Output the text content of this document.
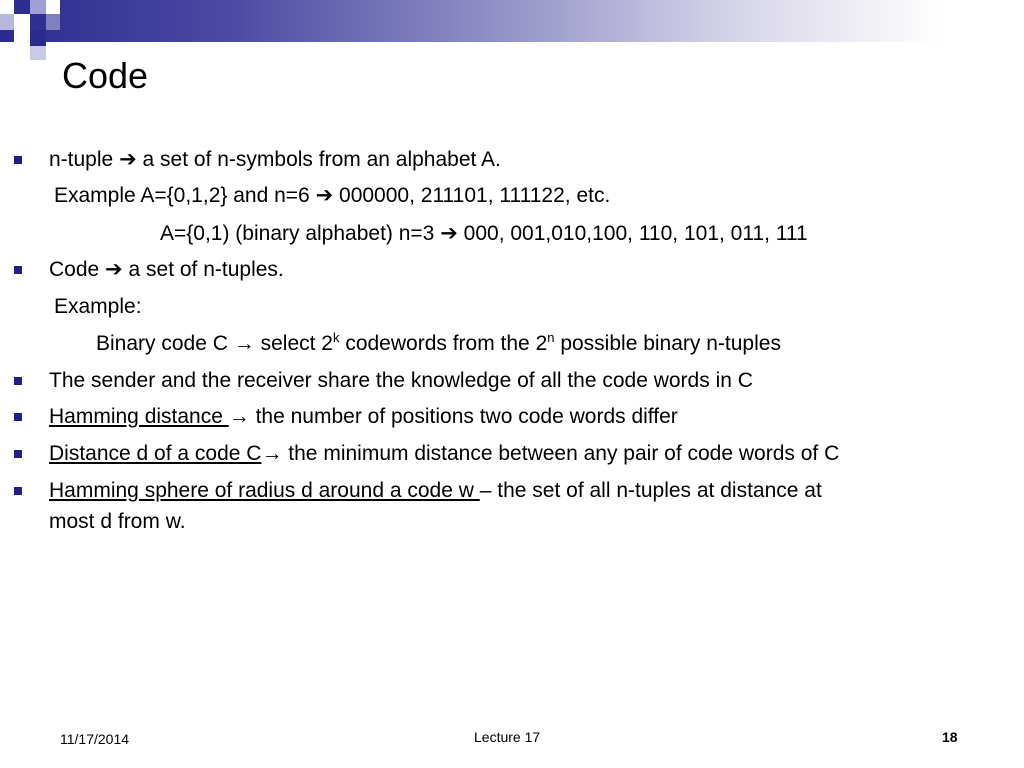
Code
n-tuple ➔ a set of n-symbols from an alphabet A.
Example A={0,1,2} and n=6 ➔ 000000, 211101, 111122, etc.
A={0,1) (binary alphabet) n=3 ➔ 000, 001,010,100, 110, 101, 011, 111
Code ➔ a set of n-tuples.
Example:
Binary code C → select 2$^k$ codewords from the 2$^n$ possible binary n-tuples
The sender and the receiver share the knowledge of all the code words in C
Hamming distance → the number of positions two code words differ
Distance d of a code C→ the minimum distance between any pair of code words of C
Hamming sphere of radius d around a code w – the set of all n-tuples at distance at
most d from w.
11/17/2014	Lecture 17	18
